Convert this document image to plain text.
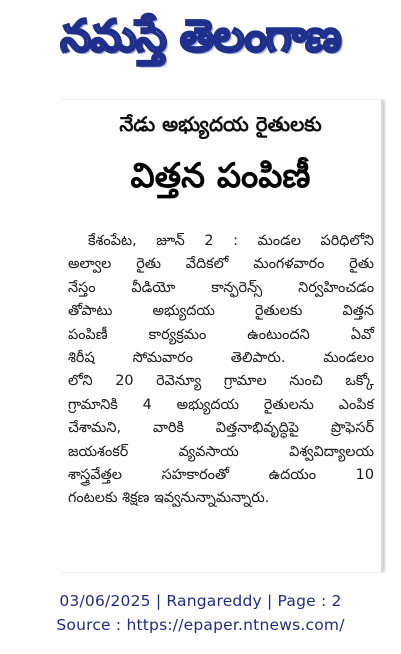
నమస్తే తెలంగాణ
నేడు అభ్యుదయ రైతులకు
విత్తన పంపిణీ
కేశంపేట, జూన్ 2 : మండల పరిధిలోని
అల్వాల రైతు వేదికలో మంగళవారం రైతు
నేస్తం వీడియో కాన్ఫరెన్స్ నిర్వహించడం
తోపాటు అభ్యుదయ రైతులకు విత్తన
పంపిణీ కార్యక్రమం ఉంటుందని ఏవో
శిరీష సోమవారం తెలిపారు. మండలం
లోని 20 రెవెన్యూ గ్రామాల నుంచి ఒక్కో
గ్రామానికి 4 అభ్యుదయ రైతులను ఎంపిక
చేశామని, వారికి విత్తనాభివృద్ధిపై ప్రొఫెసర్
జయశంకర్ వ్యవసాయ విశ్వవిద్యాలయ
శాస్త్రవేత్తల సహకారంతో ఉదయం 10
గంటలకు శిక్షణ ఇవ్వనున్నామన్నారు.
03/06/2025 | Rangareddy | Page : 2
Source : https://epaper.ntnews.com/
